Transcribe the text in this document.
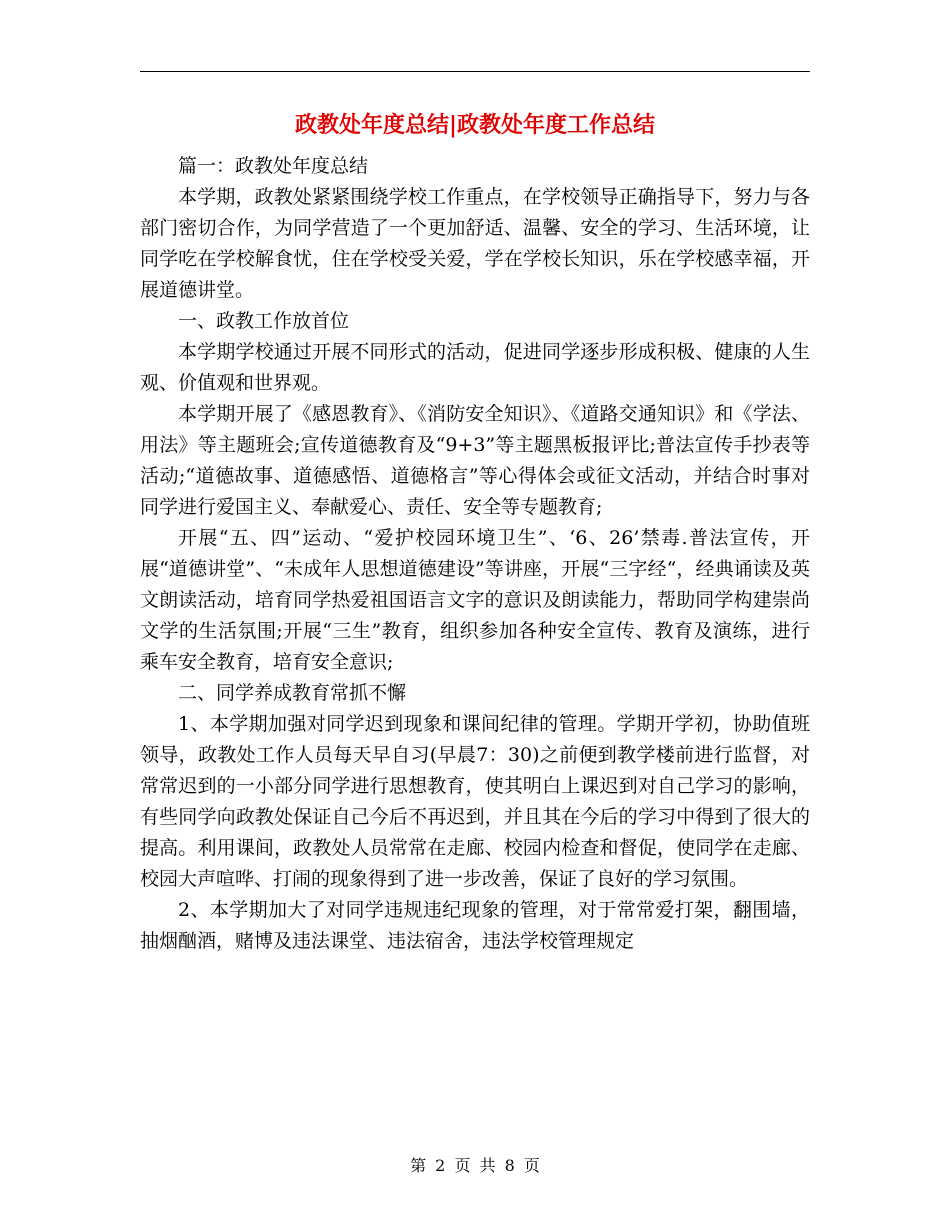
政教处年度总结|政教处年度工作总结

篇一：政教处年度总结

本学期，政教处紧紧围绕学校工作重点，在学校领导正确指导下，努力与各部门密切合作，为同学营造了一个更加舒适、温馨、安全的学习、生活环境，让同学吃在学校解食忧，住在学校受关爱，学在学校长知识，乐在学校感幸福，开展道德讲堂。

一、政教工作放首位

本学期学校通过开展不同形式的活动，促进同学逐步形成积极、健康的人生观、价值观和世界观。

本学期开展了《感恩教育》、《消防安全知识》、《道路交通知识》和《学法、用法》等主题班会;宣传道德教育及“9+3”等主题黑板报评比;普法宣传手抄表等活动;“道德故事、道德感悟、道德格言”等心得体会或征文活动，并结合时事对同学进行爱国主义、奉献爱心、责任、安全等专题教育;

开展“五、四”运动、“爱护校园环境卫生”、‘6、26’禁毒.普法宣传，开展“道德讲堂”、“未成年人思想道德建设”等讲座，开展“三字经“，经典诵读及英文朗读活动，培育同学热爱祖国语言文字的意识及朗读能力，帮助同学构建崇尚文学的生活氛围;开展“三生”教育，组织参加各种安全宣传、教育及演练，进行乘车安全教育，培育安全意识;

二、同学养成教育常抓不懈

1、本学期加强对同学迟到现象和课间纪律的管理。学期开学初，协助值班领导，政教处工作人员每天早自习(早晨7：30)之前便到教学楼前进行监督，对常常迟到的一小部分同学进行思想教育，使其明白上课迟到对自己学习的影响，有些同学向政教处保证自己今后不再迟到，并且其在今后的学习中得到了很大的提高。利用课间，政教处人员常常在走廊、校园内检查和督促，使同学在走廊、校园大声喧哗、打闹的现象得到了进一步改善，保证了良好的学习氛围。

2、本学期加大了对同学违规违纪现象的管理，对于常常爱打架，翻围墙，抽烟酗酒，赌博及违法课堂、违法宿舍，违法学校管理规定

第 2 页 共 8 页
